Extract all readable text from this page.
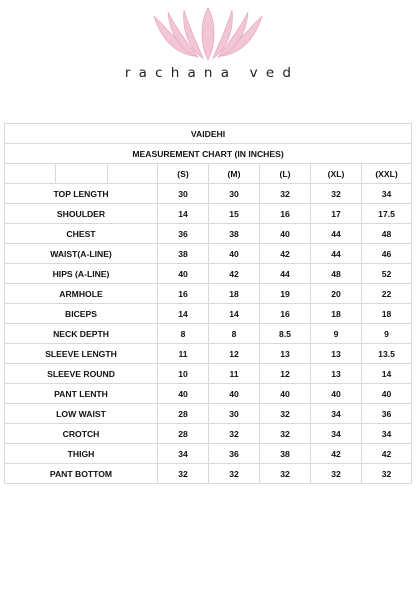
rachana ved
VAIDEHI					
MEASUREMENT CHART (IN INCHES)					

	(S)	(M)	(L)	(XL)	(XXL)
TOP LENGTH	30	30	32	32	34
SHOULDER	14	15	16	17	17.5
CHEST	36	38	40	44	48
WAIST(A-LINE)	38	40	42	44	46
HIPS (A-LINE)	40	42	44	48	52
ARMHOLE	16	18	19	20	22
BICEPS	14	14	16	18	18
NECK DEPTH	8	8	8.5	9	9
SLEEVE LENGTH	11	12	13	13	13.5
SLEEVE ROUND	10	11	12	13	14
PANT LENTH	40	40	40	40	40
LOW WAIST	28	30	32	34	36
CROTCH	28	32	32	34	34
THIGH	34	36	38	42	42
PANT BOTTOM	32	32	32	32	32
